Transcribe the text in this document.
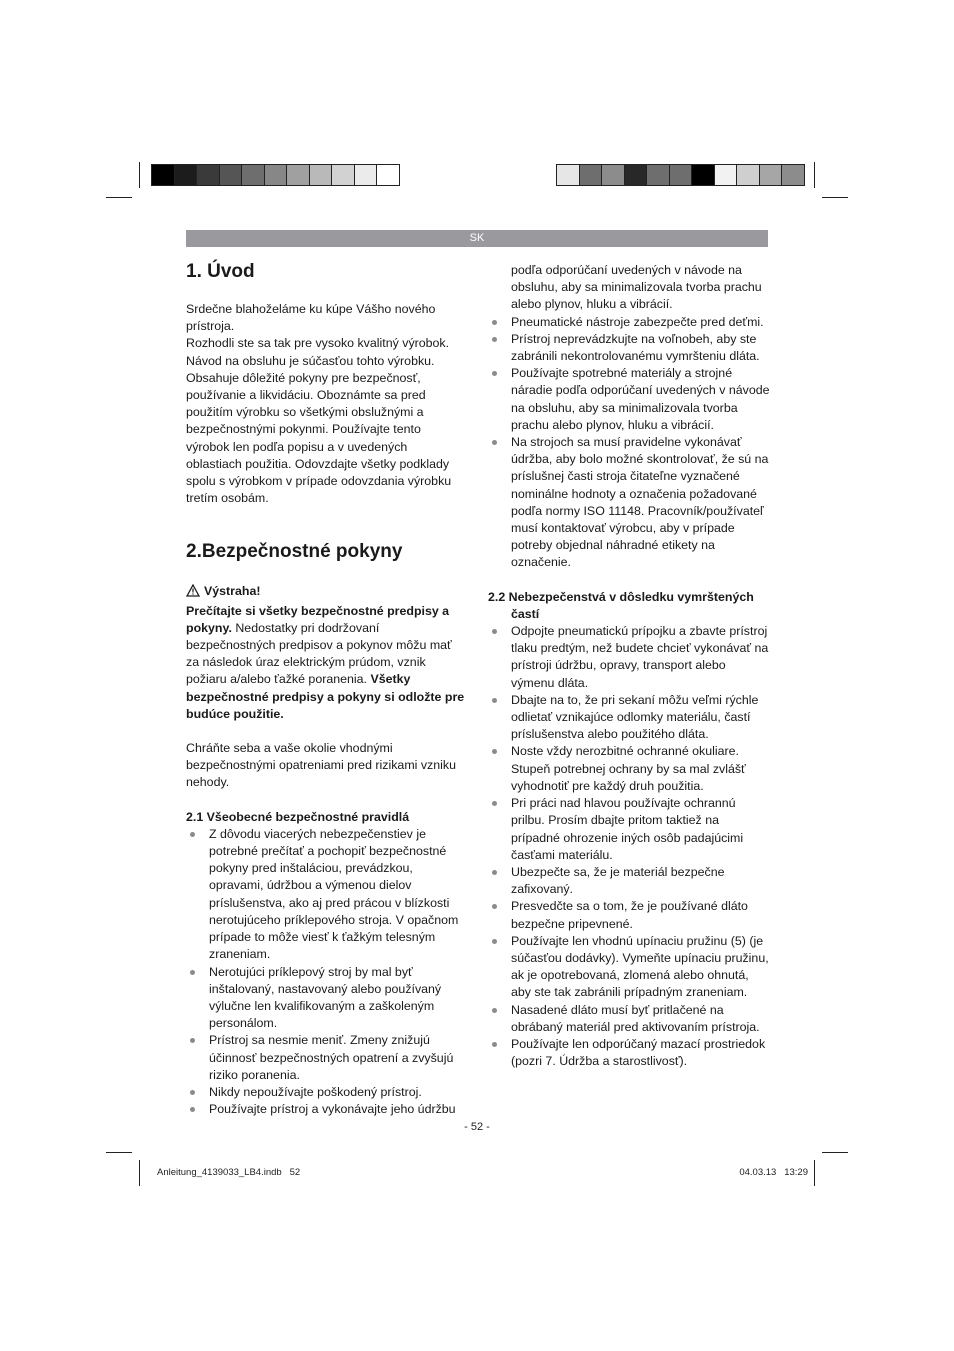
SK
1. Úvod

Srdečne blahoželáme ku kúpe Vášho nového prístroja.

Rozhodli ste sa tak pre vysoko kvalitný výrobok. Návod na obsluhu je súčasťou tohto výrobku. Obsahuje dôležité pokyny pre bezpečnosť, používanie a likvidáciu. Oboznámte sa pred použitím výrobku so všetkými obslužnými a bezpečnostnými pokynmi. Používajte tento výrobok len podľa popisu a v uvedených oblastiach použitia. Odovzdajte všetky podklady spolu s výrobkom v prípade odovzdania výrobku tretím osobám.

2.Bezpečnostné pokyny

Výstraha!

Prečítajte si všetky bezpečnostné predpisy a pokyny. Nedostatky pri dodržovaní bezpečnostných predpisov a pokynov môžu mať za následok úraz elektrickým prúdom, vznik požiaru a/alebo ťažké poranenia. Všetky bezpečnostné predpisy a pokyny si odložte pre budúce použitie.

Chráňte seba a vaše okolie vhodnými bezpečnostnými opatreniami pred rizikami vzniku nehody.

2.1 Všeobecné bezpečnostné pravidlá

Z dôvodu viacerých nebezpečenstiev je potrebné prečítať a pochopiť bezpečnostné pokyny pred inštaláciou, prevádzkou, opravami, údržbou a výmenou dielov príslušenstva, ako aj pred prácou v blízkosti nerotujúceho príklepového stroja. V opačnom prípade to môže viesť k ťažkým telesným zraneniam.
Nerotujúci príklepový stroj by mal byť inštalovaný, nastavovaný alebo používaný výlučne len kvalifikovaným a zaškoleným personálom.
Prístroj sa nesmie meniť. Zmeny znižujú účinnosť bezpečnostných opatrení a zvyšujú riziko poranenia.
Nikdy nepoužívajte poškodený prístroj.
Používajte prístroj a vykonávajte jeho údržbu

podľa odporúčaní uvedených v návode na obsluhu, aby sa minimalizovala tvorba prachu alebo plynov, hluku a vibrácií.

Pneumatické nástroje zabezpečte pred deťmi.
Prístroj neprevádzkujte na voľnobeh, aby ste zabránili nekontrolovanému vymršteniu dláta.
Používajte spotrebné materiály a strojné náradie podľa odporúčaní uvedených v návode na obsluhu, aby sa minimalizovala tvorba prachu alebo plynov, hluku a vibrácií.
Na strojoch sa musí pravidelne vykonávať údržba, aby bolo možné skontrolovať, že sú na príslušnej časti stroja čitateľne vyznačené nominálne hodnoty a označenia požadované podľa normy ISO 11148. Pracovník/používateľ musí kontaktovať výrobcu, aby v prípade potreby objednal náhradné etikety na označenie.

2.2 Nebezpečenstvá v dôsledku vymrštených častí

Odpojte pneumatickú prípojku a zbavte prístroj tlaku predtým, než budete chcieť vykonávať na prístroji údržbu, opravy, transport alebo výmenu dláta.
Dbajte na to, že pri sekaní môžu veľmi rýchle odlietať vznikajúce odlomky materiálu, častí príslušenstva alebo použitého dláta.
Noste vždy nerozbitné ochranné okuliare. Stupeň potrebnej ochrany by sa mal zvlášť vyhodnotiť pre každý druh použitia.
Pri práci nad hlavou používajte ochrannú prilbu. Prosím dbajte pritom taktiež na prípadné ohrozenie iných osôb padajúcimi časťami materiálu.
Ubezpečte sa, že je materiál bezpečne zafixovaný.
Presvedčte sa o tom, že je používané dláto bezpečne pripevnené.
Používajte len vhodnú upínaciu pružinu (5) (je súčasťou dodávky). Vymeňte upínaciu pružinu, ak je opotrebovaná, zlomená alebo ohnutá, aby ste tak zabránili prípadným zraneniam.
Nasadené dláto musí byť pritlačené na obrábaný materiál pred aktivovaním prístroja.
Používajte len odporúčaný mazací prostriedok (pozri 7. Údržba a starostlivosť).
- 52 -
Anleitung_4139033_LB4.indb   52	04.03.13   13:29
